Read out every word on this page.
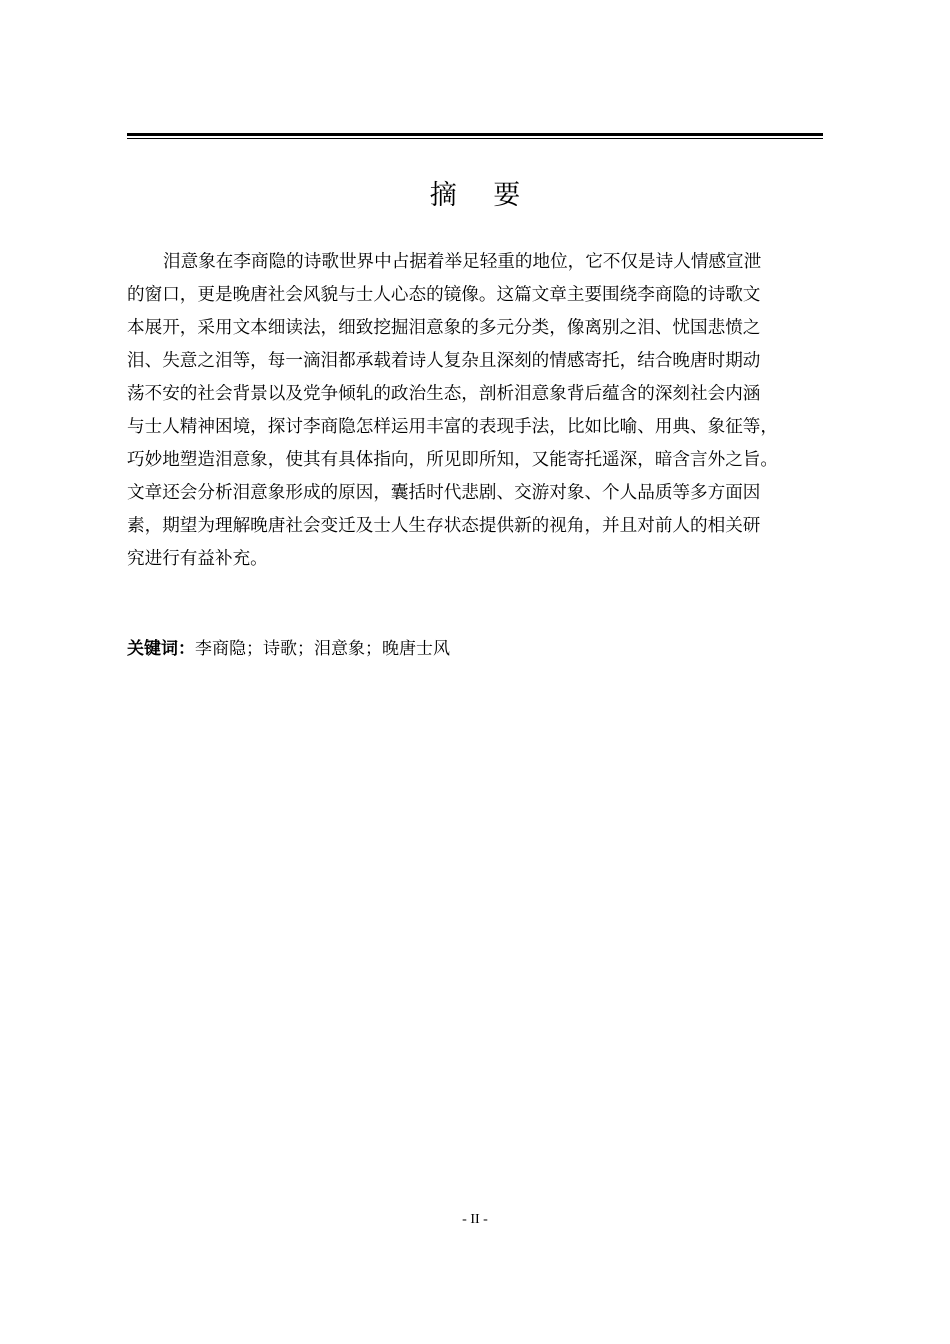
摘 要

泪意象在李商隐的诗歌世界中占据着举足轻重的地位，它不仅是诗人情感宣泄
的窗口，更是晚唐社会风貌与士人心态的镜像。这篇文章主要围绕李商隐的诗歌文
本展开，采用文本细读法，细致挖掘泪意象的多元分类，像离别之泪、忧国悲愤之
泪、失意之泪等，每一滴泪都承载着诗人复杂且深刻的情感寄托，结合晚唐时期动
荡不安的社会背景以及党争倾轧的政治生态，剖析泪意象背后蕴含的深刻社会内涵
与士人精神困境，探讨李商隐怎样运用丰富的表现手法，比如比喻、用典、象征等，
巧妙地塑造泪意象，使其有具体指向，所见即所知，又能寄托遥深，暗含言外之旨。
文章还会分析泪意象形成的原因，囊括时代悲剧、交游对象、个人品质等多方面因
素，期望为理解晚唐社会变迁及士人生存状态提供新的视角，并且对前人的相关研
究进行有益补充。

关键词：李商隐；诗歌；泪意象；晚唐士风
- II -
